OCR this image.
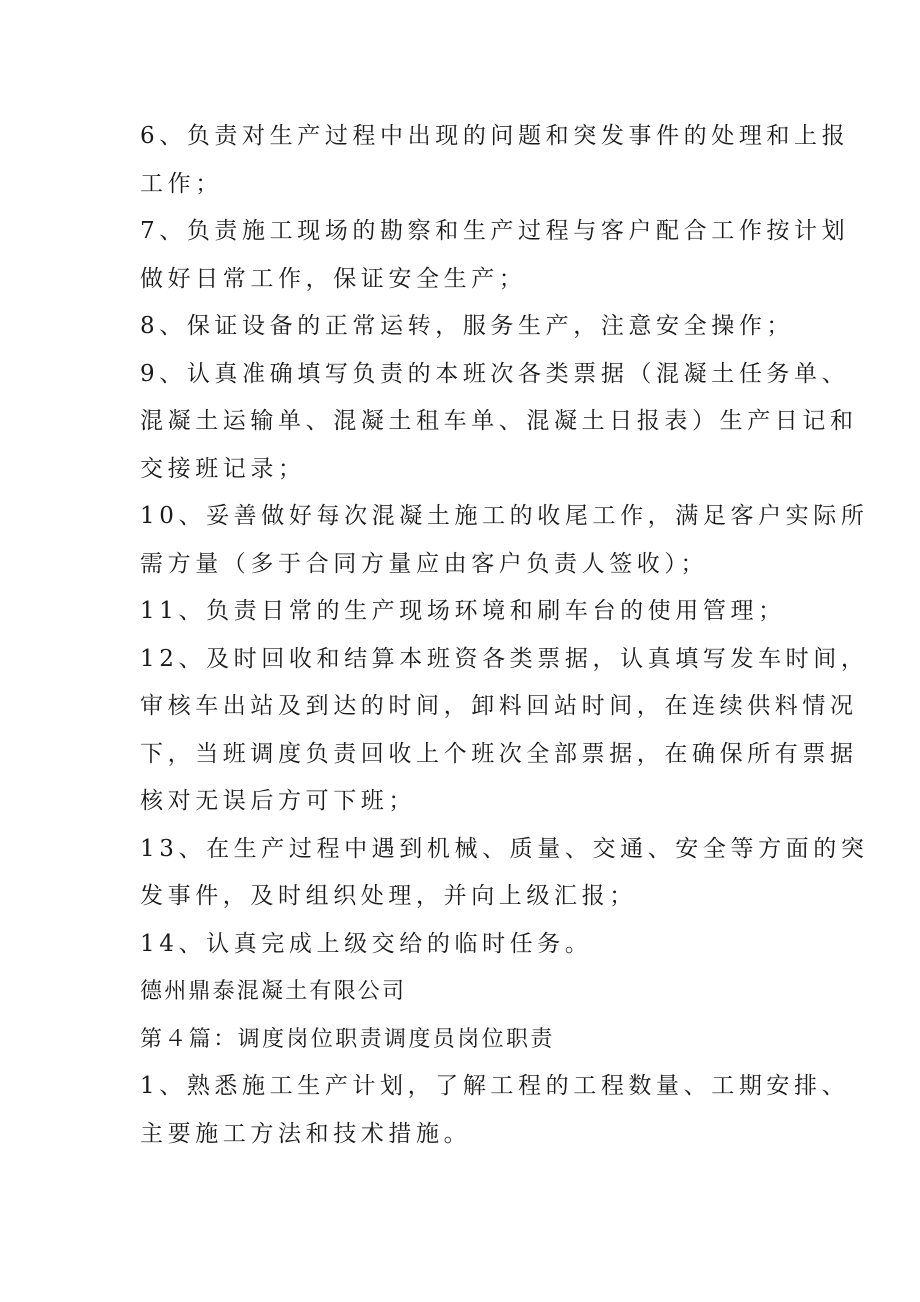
6、负责对生产过程中出现的问题和突发事件的处理和上报
工作；
7、负责施工现场的勘察和生产过程与客户配合工作按计划
做好日常工作，保证安全生产；
8、保证设备的正常运转，服务生产，注意安全操作；
9、认真准确填写负责的本班次各类票据（混凝土任务单、
混凝土运输单、混凝土租车单、混凝土日报表）生产日记和
交接班记录；
10、妥善做好每次混凝土施工的收尾工作，满足客户实际所
需方量（多于合同方量应由客户负责人签收）；
11、负责日常的生产现场环境和刷车台的使用管理；
12、及时回收和结算本班资各类票据，认真填写发车时间，
审核车出站及到达的时间，卸料回站时间，在连续供料情况
下，当班调度负责回收上个班次全部票据，在确保所有票据
核对无误后方可下班；
13、在生产过程中遇到机械、质量、交通、安全等方面的突
发事件，及时组织处理，并向上级汇报；
14、认真完成上级交给的临时任务。
德州鼎泰混凝土有限公司
第４篇：调度岗位职责调度员岗位职责
1、熟悉施工生产计划，了解工程的工程数量、工期安排、
主要施工方法和技术措施。
